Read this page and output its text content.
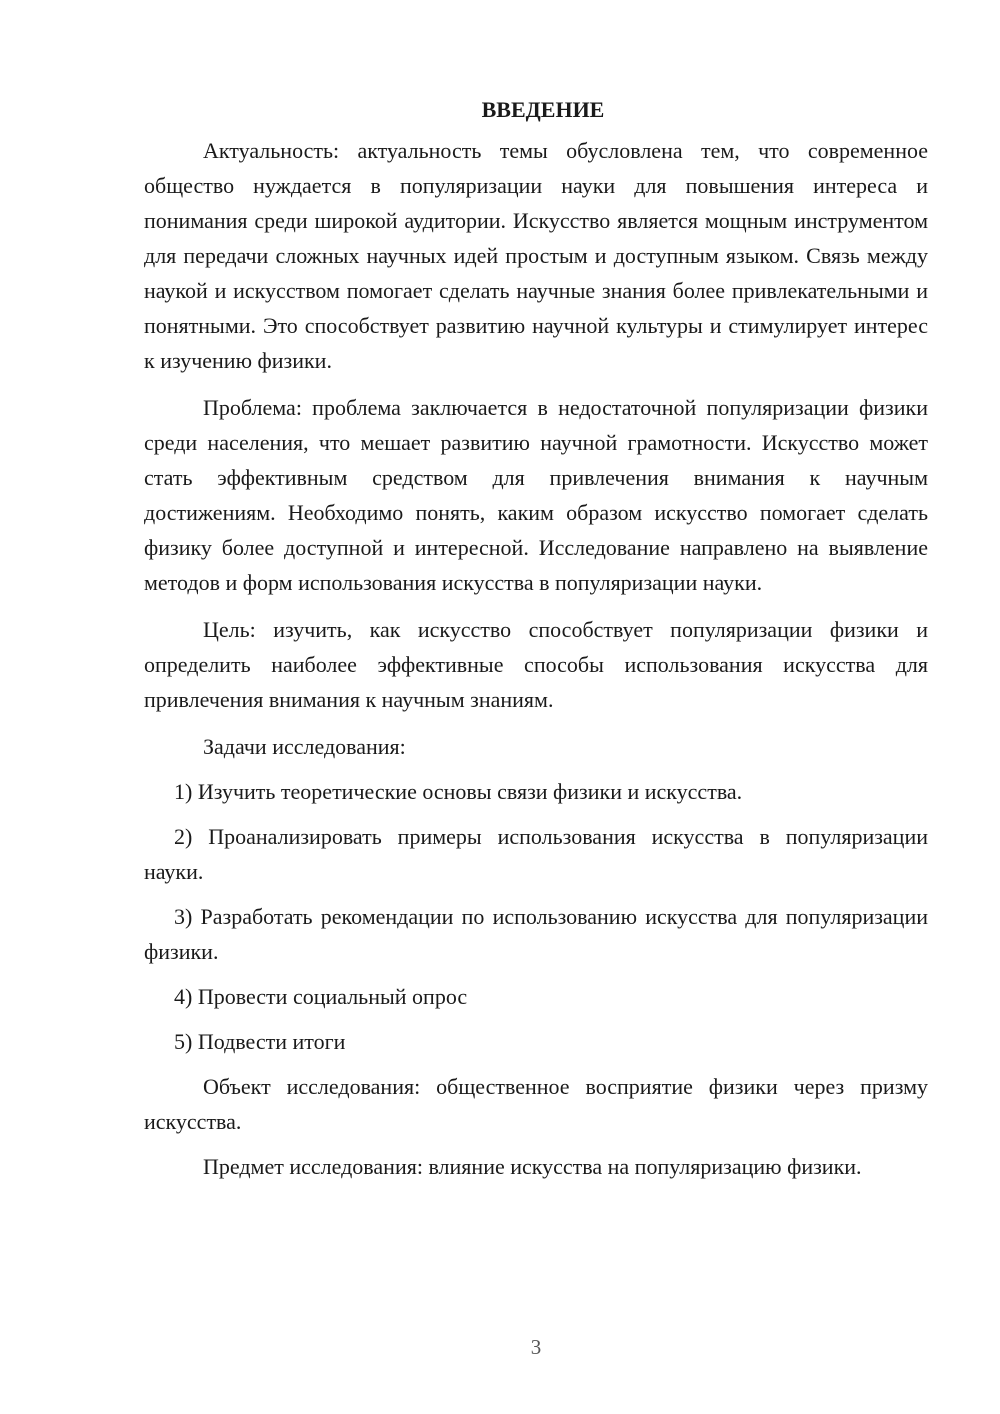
ВВЕДЕНИЕ

Актуальность: актуальность темы обусловлена тем, что современное общество нуждается в популяризации науки для повышения интереса и понимания среди широкой аудитории. Искусство является мощным инструментом для передачи сложных научных идей простым и доступным языком. Связь между наукой и искусством помогает сделать научные знания более привлекательными и понятными. Это способствует развитию научной культуры и стимулирует интерес к изучению физики.

Проблема: проблема заключается в недостаточной популяризации физики среди населения, что мешает развитию научной грамотности. Искусство может стать эффективным средством для привлечения внимания к научным достижениям. Необходимо понять, каким образом искусство помогает сделать физику более доступной и интересной. Исследование направлено на выявление методов и форм использования искусства в популяризации науки.

Цель: изучить, как искусство способствует популяризации физики и определить наиболее эффективные способы использования искусства для привлечения внимания к научным знаниям.

Задачи исследования:

1) Изучить теоретические основы связи физики и искусства.

2) Проанализировать примеры использования искусства в популяризации науки.

3) Разработать рекомендации по использованию искусства для популяризации физики.

4) Провести социальный опрос

5) Подвести итоги

Объект исследования: общественное восприятие физики через призму искусства.

Предмет исследования: влияние искусства на популяризацию физики.

3
